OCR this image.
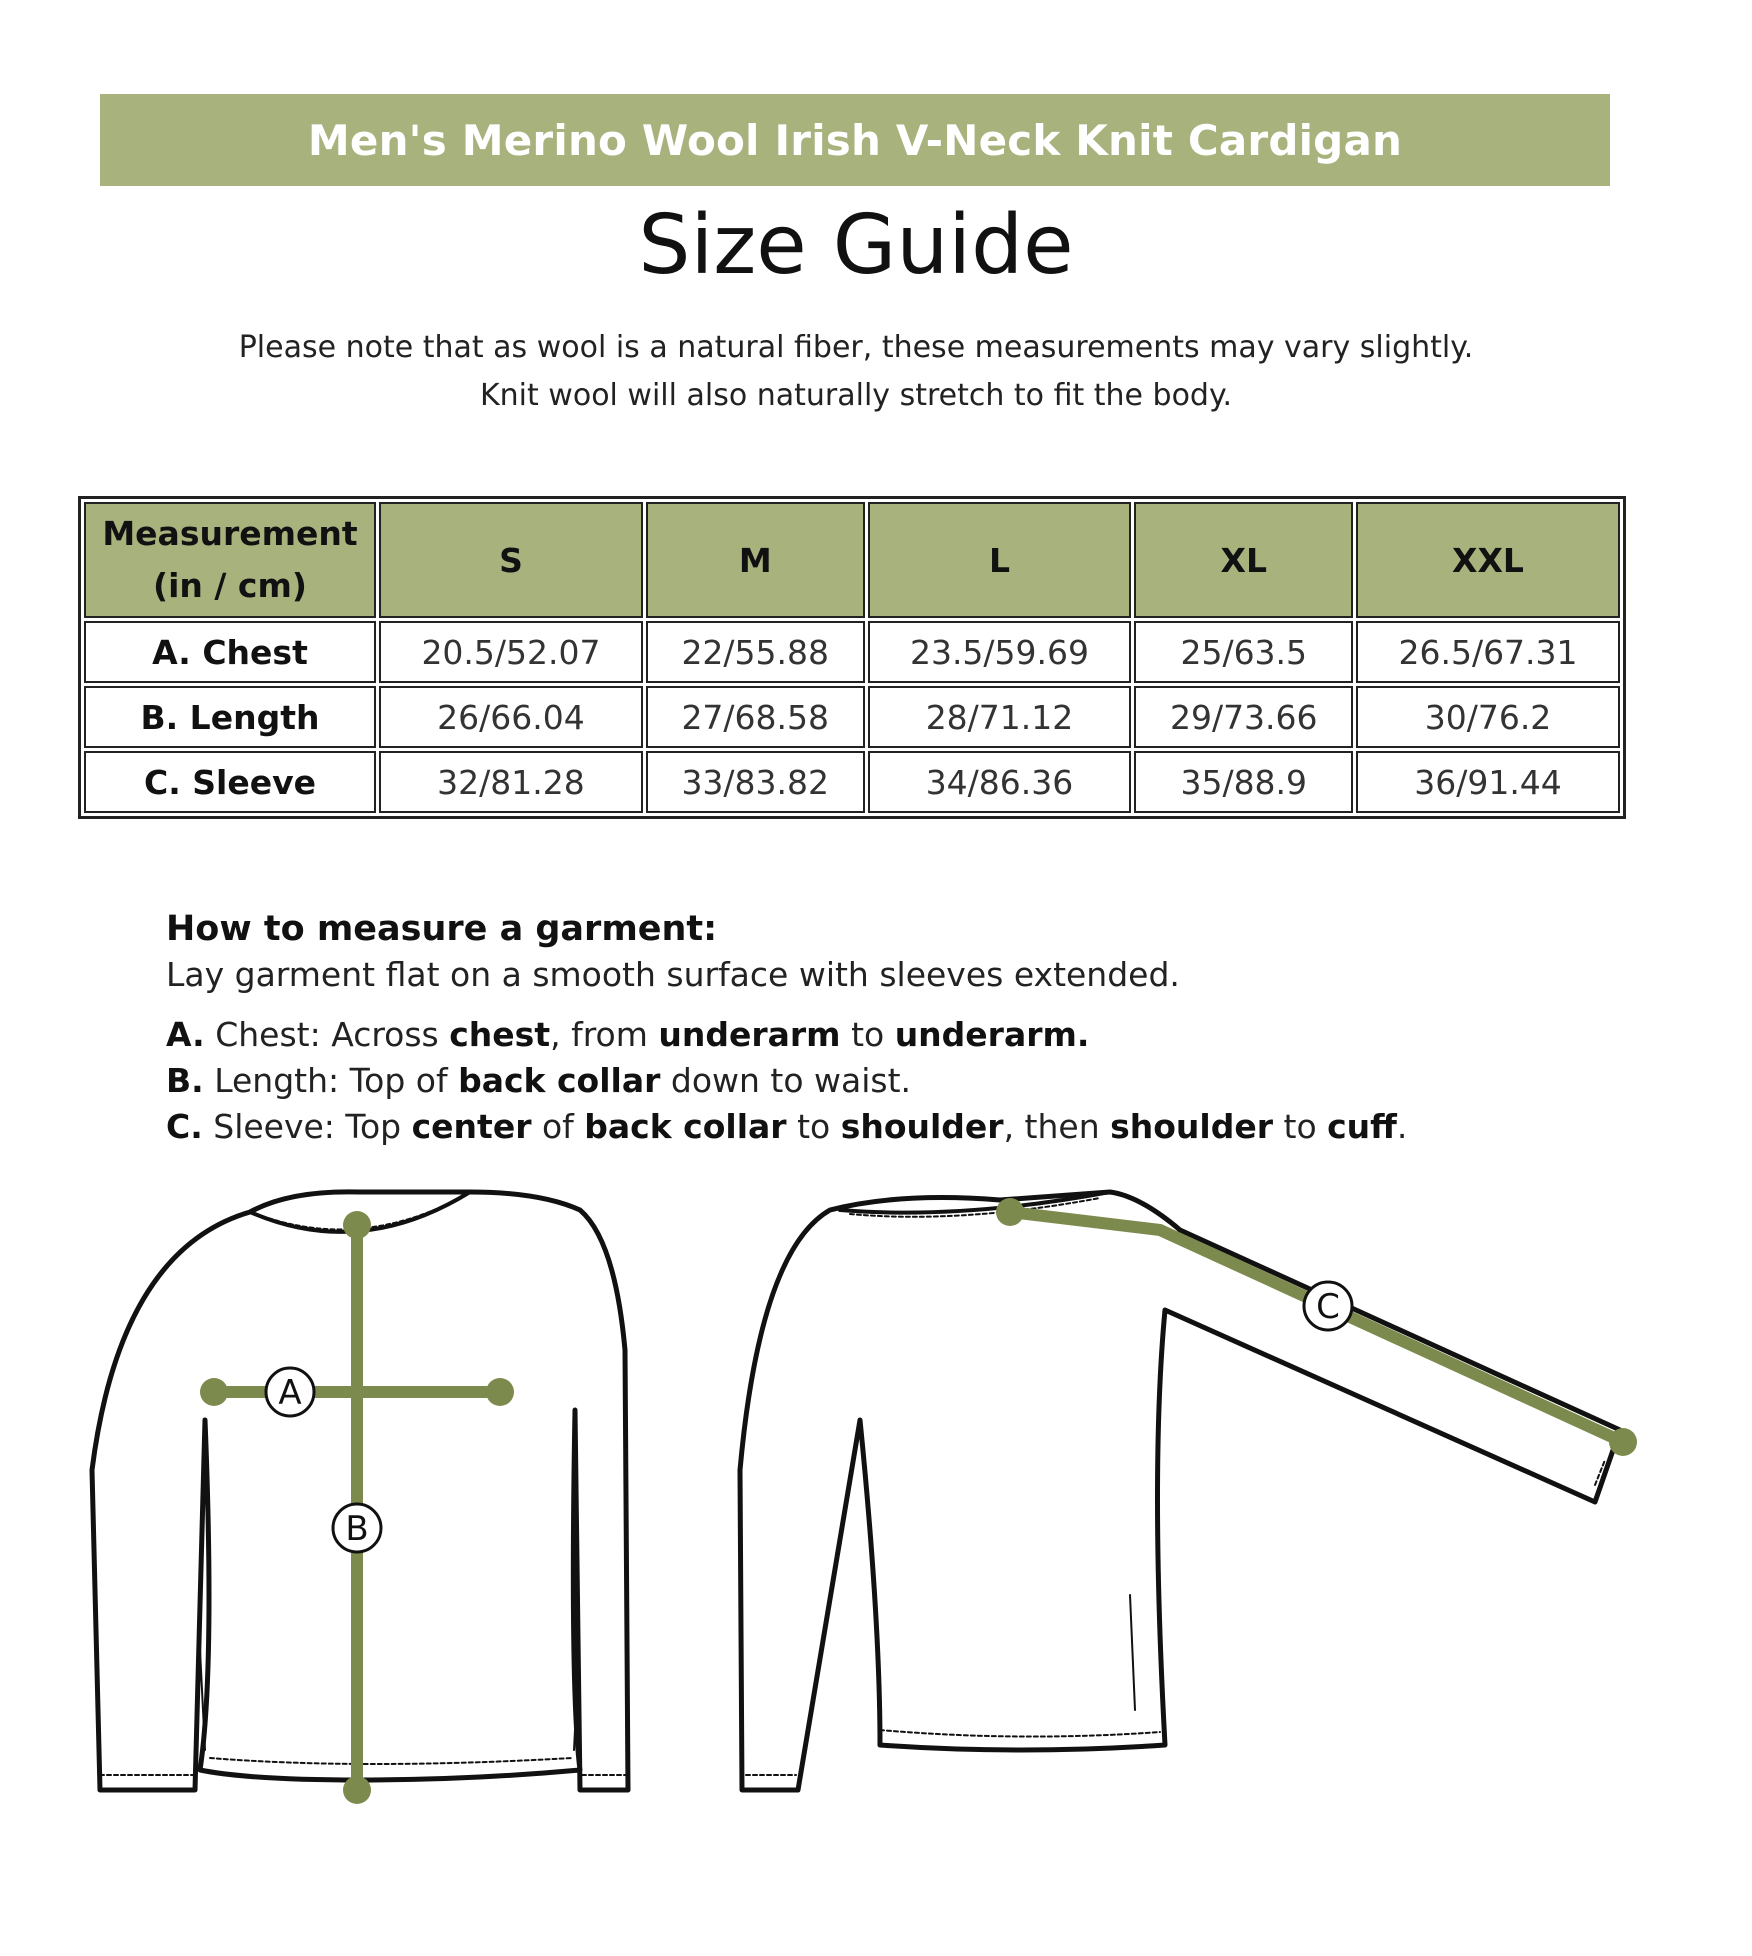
Men's Merino Wool Irish V-Neck Knit Cardigan
Size Guide
Please note that as wool is a natural fiber, these measurements may vary slightly.
Knit wool will also naturally stretch to fit the body.
Measurement
(in / cm)	S	M	L	XL	XXL
A. Chest	20.5/52.07	22/55.88	23.5/59.69	25/63.5	26.5/67.31
B. Length	26/66.04	27/68.58	28/71.12	29/73.66	30/76.2
C. Sleeve	32/81.28	33/83.82	34/86.36	35/88.9	36/91.44
How to measure a garment:
Lay garment flat on a smooth surface with sleeves extended.
A. Chest: Across chest, from underarm to underarm.
B. Length: Top of back collar down to waist.
C. Sleeve: Top center of back collar to shoulder, then shoulder to cuff.
A
B
C
